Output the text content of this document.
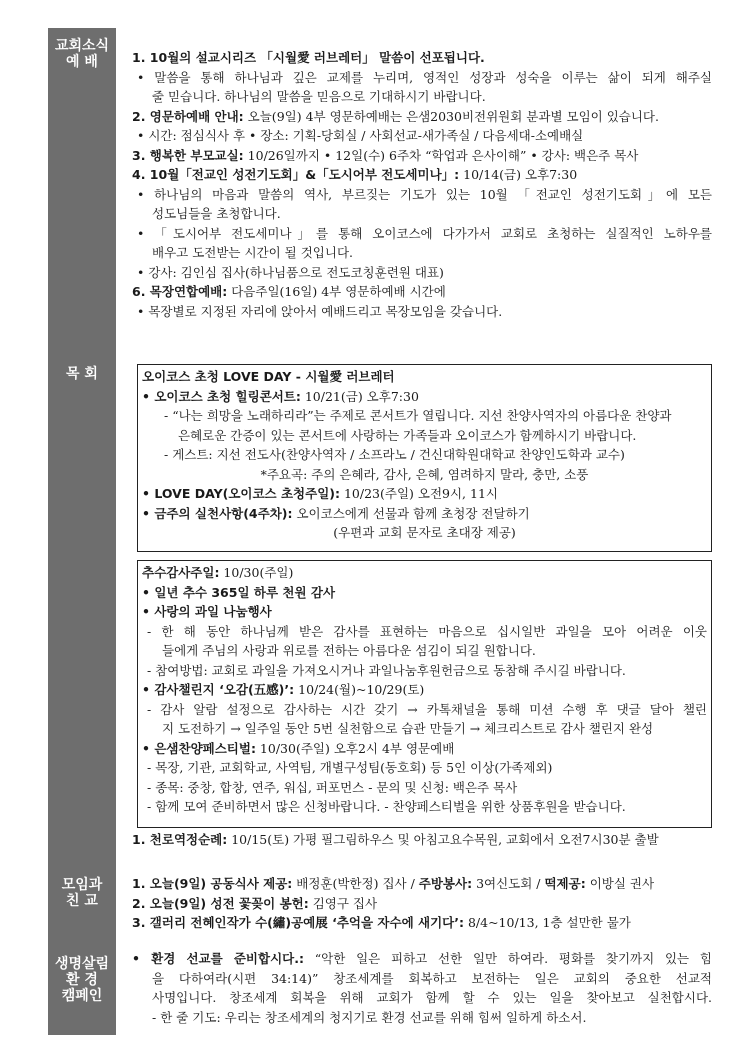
교회소식
예 배
목 회
모임과
친 교
생명살림
환 경
캠페인
1. 10월의 설교시리즈 「시월愛 러브레터」 말씀이 선포됩니다.
• 말씀을 통해 하나님과 깊은 교제를 누리며, 영적인 성장과 성숙을 이루는 삶이 되게 해주실
줄 믿습니다. 하나님의 말씀을 믿음으로 기대하시기 바랍니다.
2. 영문하예배 안내: 오늘(9일) 4부 영문하예배는 은샘2030비전위원회 분과별 모임이 있습니다.
• 시간: 점심식사 후 • 장소: 기획-당회실 / 사회선교-새가족실 / 다음세대-소예배실
3. 행복한 부모교실: 10/26일까지 • 12일(수) 6주차 “학업과 은사이해” • 강사: 백은주 목사
4. 10월「전교인 성전기도회」&「도시어부 전도세미나」: 10/14(금) 오후7:30
• 하나님의 마음과 말씀의 역사, 부르짖는 기도가 있는 10월 「전교인 성전기도회」에 모든
성도님들을 초청합니다.
• 「도시어부 전도세미나」를 통해 오이코스에 다가가서 교회로 초청하는 실질적인 노하우를
배우고 도전받는 시간이 될 것입니다.
• 강사: 김인심 집사(하나님품으로 전도코칭훈련원 대표)
6. 목장연합예배: 다음주일(16일) 4부 영문하예배 시간에
• 목장별로 지정된 자리에 앉아서 예배드리고 목장모임을 갖습니다.
오이코스 초청 LOVE DAY - 시월愛 러브레터
• 오이코스 초청 힐링콘서트: 10/21(금) 오후7:30
- “나는 희망을 노래하리라”는 주제로 콘서트가 열립니다. 지선 찬양사역자의 아름다운 찬양과
은혜로운 간증이 있는 콘서트에 사랑하는 가족들과 오이코스가 함께하시기 바랍니다.
- 게스트: 지선 전도사(찬양사역자 / 소프라노 / 건신대학원대학교 찬양인도학과 교수)
*주요곡: 주의 은혜라, 감사, 은혜, 염려하지 말라, 충만, 소풍
• LOVE DAY(오이코스 초청주일): 10/23(주일) 오전9시, 11시
• 금주의 실천사항(4주차): 오이코스에게 선물과 함께 초청장 전달하기
(우편과 교회 문자로 초대장 제공)
추수감사주일: 10/30(주일)
• 일년 추수 365일 하루 천원 감사
• 사랑의 과일 나눔행사
- 한 해 동안 하나님께 받은 감사를 표현하는 마음으로 십시일반 과일을 모아 어려운 이웃
들에게 주님의 사랑과 위로를 전하는 아름다운 섬김이 되길 원합니다.
- 참여방법: 교회로 과일을 가져오시거나 과일나눔후원헌금으로 동참해 주시길 바랍니다.
• 감사챌린지 ‘오감(五感)’: 10/24(월)~10/29(토)
- 감사 알람 설정으로 감사하는 시간 갖기 → 카톡채널을 통해 미션 수행 후 댓글 달아 챌린
지 도전하기 → 일주일 동안 5번 실천함으로 습관 만들기 → 체크리스트로 감사 챌린지 완성
• 은샘찬양페스티벌: 10/30(주일) 오후2시 4부 영문예배
- 목장, 기관, 교회학교, 사역팀, 개별구성팀(동호회) 등 5인 이상(가족제외)
- 종목: 중창, 합창, 연주, 워십, 퍼포먼스 - 문의 및 신청: 백은주 목사
- 함께 모여 준비하면서 많은 신청바랍니다. - 찬양페스티벌을 위한 상품후원을 받습니다.
1. 천로역정순례: 10/15(토) 가평 필그림하우스 및 아침고요수목원, 교회에서 오전7시30분 출발
1. 오늘(9일) 공동식사 제공: 배정훈(박한정) 집사 / 주방봉사: 3여신도회 / 떡제공: 이방실 권사
2. 오늘(9일) 성전 꽃꽂이 봉헌: 김영구 집사
3. 갤러리 전혜인작가 수(繡)공예展 ‘추억을 자수에 새기다’: 8/4~10/13, 1층 설만한 물가
• 환경 선교를 준비합시다.: “악한 일은 피하고 선한 일만 하여라. 평화를 찾기까지 있는 힘
을 다하여라(시편 34:14)” 창조세계를 회복하고 보전하는 일은 교회의 중요한 선교적
사명입니다. 창조세계 회복을 위해 교회가 함께 할 수 있는 일을 찾아보고 실천합시다.
- 한 줄 기도: 우리는 창조세계의 청지기로 환경 선교를 위해 힘써 일하게 하소서.
